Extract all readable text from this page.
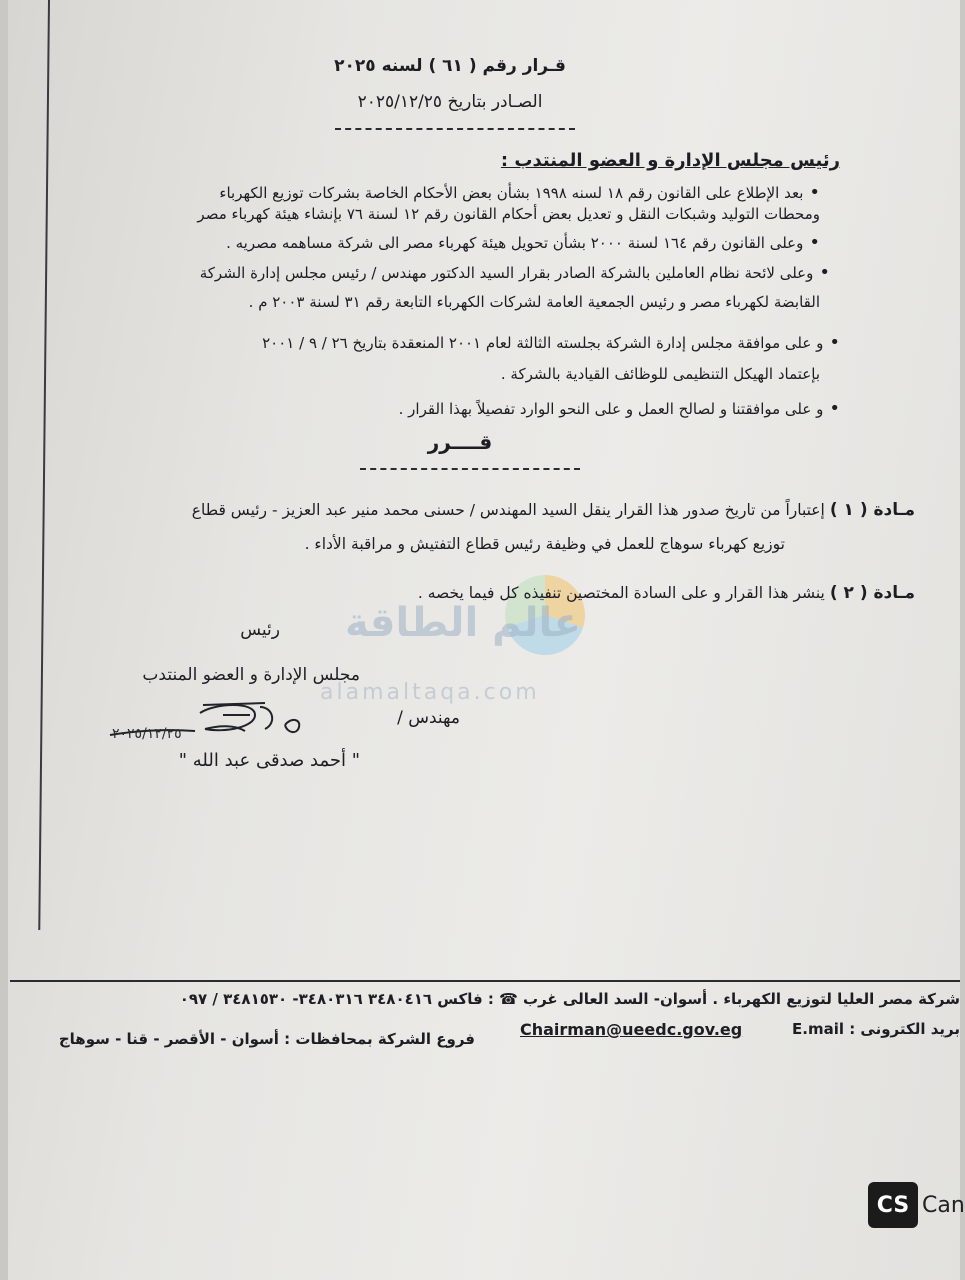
عالم الطاقة
alamaltaqa.com
قـرار رقم ( ٦١ ) لسنه ٢٠٢٥
الصـادر بتاريخ ٢٠٢٥/١٢/٢٥
رئيس مجلس الإدارة و العضو المنتدب :
• بعد الإطلاع على القانون رقم ١٨ لسنه ١٩٩٨ بشأن بعض الأحكام الخاصة بشركات توزيع الكهرباء
ومحطات التوليد وشبكات النقل و تعديل بعض أحكام القانون رقم ١٢ لسنة ٧٦ بإنشاء هيئة كهرباء مصر
• وعلى القانون رقم ١٦٤ لسنة ٢٠٠٠ بشأن تحويل هيئة كهرباء مصر الى شركة مساهمه مصريه .
• وعلى لائحة نظام العاملين بالشركة الصادر بقرار السيد الدكتور مهندس / رئيس مجلس إدارة الشركة
القابضة لكهرباء مصر و رئيس الجمعية العامة لشركات الكهرباء التابعة رقم ٣١ لسنة ٢٠٠٣ م .
• و على موافقة مجلس إدارة الشركة بجلسته الثالثة لعام ٢٠٠١ المنعقدة بتاريخ ٢٦ / ٩ / ٢٠٠١
بإعتماد الهيكل التنظيمى للوظائف القيادية بالشركة .
• و على موافقتنا و لصالح العمل و على النحو الوارد تفصيلاً بهذا القرار .
قــــرر
مـادة ( ١ ) إعتباراً من تاريخ صدور هذا القرار ينقل السيد المهندس / حسنى محمد منير عبد العزيز - رئيس قطاع
توزيع كهرباء سوهاج للعمل في وظيفة رئيس قطاع التفتيش و مراقبة الأداء .
مـادة ( ٢ ) ينشر هذا القرار و على السادة المختصين تنفيذه كل فيما يخصه .
رئيس
مجلس الإدارة و العضو المنتدب
مهندس /
" أحمد صدقى عبد الله "
٢٠٢٥/١٢/٢٥
شركة مصر العليا لتوزيع الكهرباء . أسوان- السد العالى غرب ☎ : فاكس ٣٤٨٠٤١٦ ٣٤٨٠٣١٦- ٣٤٨١٥٣٠ / ٠٩٧
Chairman@ueedc.gov.eg	بريد الكترونى : E.mail
فروع الشركة بمحافظات : أسوان - الأقصر - قنا - سوهاج
CS Can
